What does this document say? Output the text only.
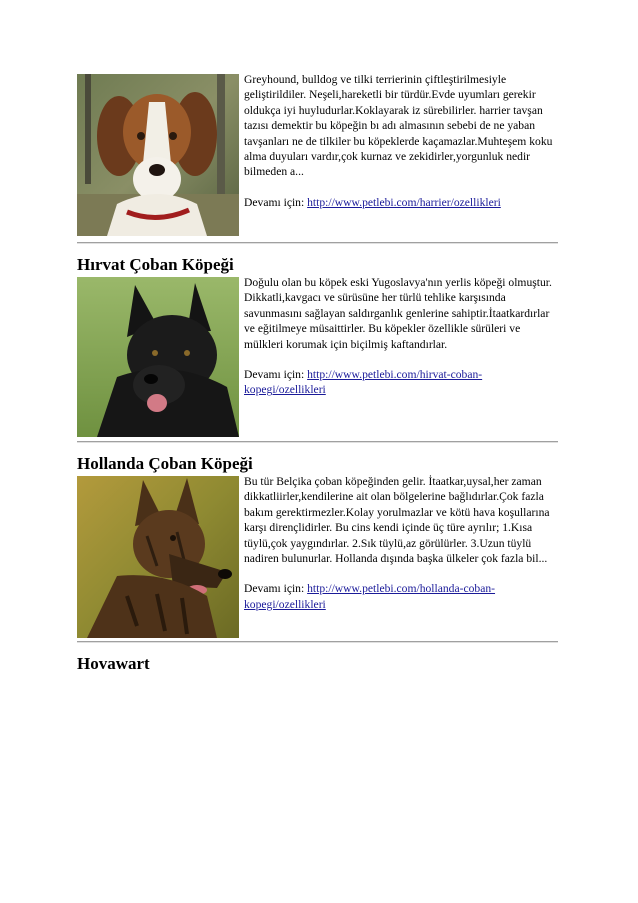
Greyhound, bulldog ve tilki terrierinin çiftleştirilmesiyle geliştirildiler. Neşeli,hareketli bir türdür.Evde uyumları gerekir oldukça iyi huyludurlar.Koklayarak iz sürebilirler. harrier tavşan tazısı demektir bu köpeğin bı adı almasının sebebi de ne yaban tavşanları ne de tilkiler bu köpeklerde kaçamazlar.Muhteşem koku alma duyuları vardır,çok kurnaz ve zekidirler,yorgunluk nedir bilmeden a...

Devamı için: http://www.petlebi.com/harrier/ozellikleri

Hırvat Çoban Köpeği

Doğulu olan bu köpek eski Yugoslavya'nın yerlis köpeği olmuştur. Dikkatli,kavgacı ve sürüsüne her türlü tehlike karşısında savunmasını sağlayan saldırganlık genlerine sahiptir.İtaatkardırlar ve eğitilmeye müsaittirler. Bu köpekler özellikle sürüleri ve mülkleri korumak için biçilmiş kaftandırlar.

Devamı için: http://www.petlebi.com/hirvat-coban-kopegi/ozellikleri

Hollanda Çoban Köpeği

Bu tür Belçika çoban köpeğinden gelir. İtaatkar,uysal,her zaman dikkatliirler,kendilerine ait olan bölgelerine bağlıdırlar.Çok fazla bakım gerektirmezler.Kolay yorulmazlar ve kötü hava koşullarına karşı dirençlidirler. Bu cins kendi içinde üç türe ayrılır; 1.Kısa tüylü,çok yaygındırlar. 2.Sık tüylü,az görülürler. 3.Uzun tüylü nadiren bulunurlar. Hollanda dışında başka ülkeler çok fazla bil...

Devamı için: http://www.petlebi.com/hollanda-coban-kopegi/ozellikleri

Hovawart
